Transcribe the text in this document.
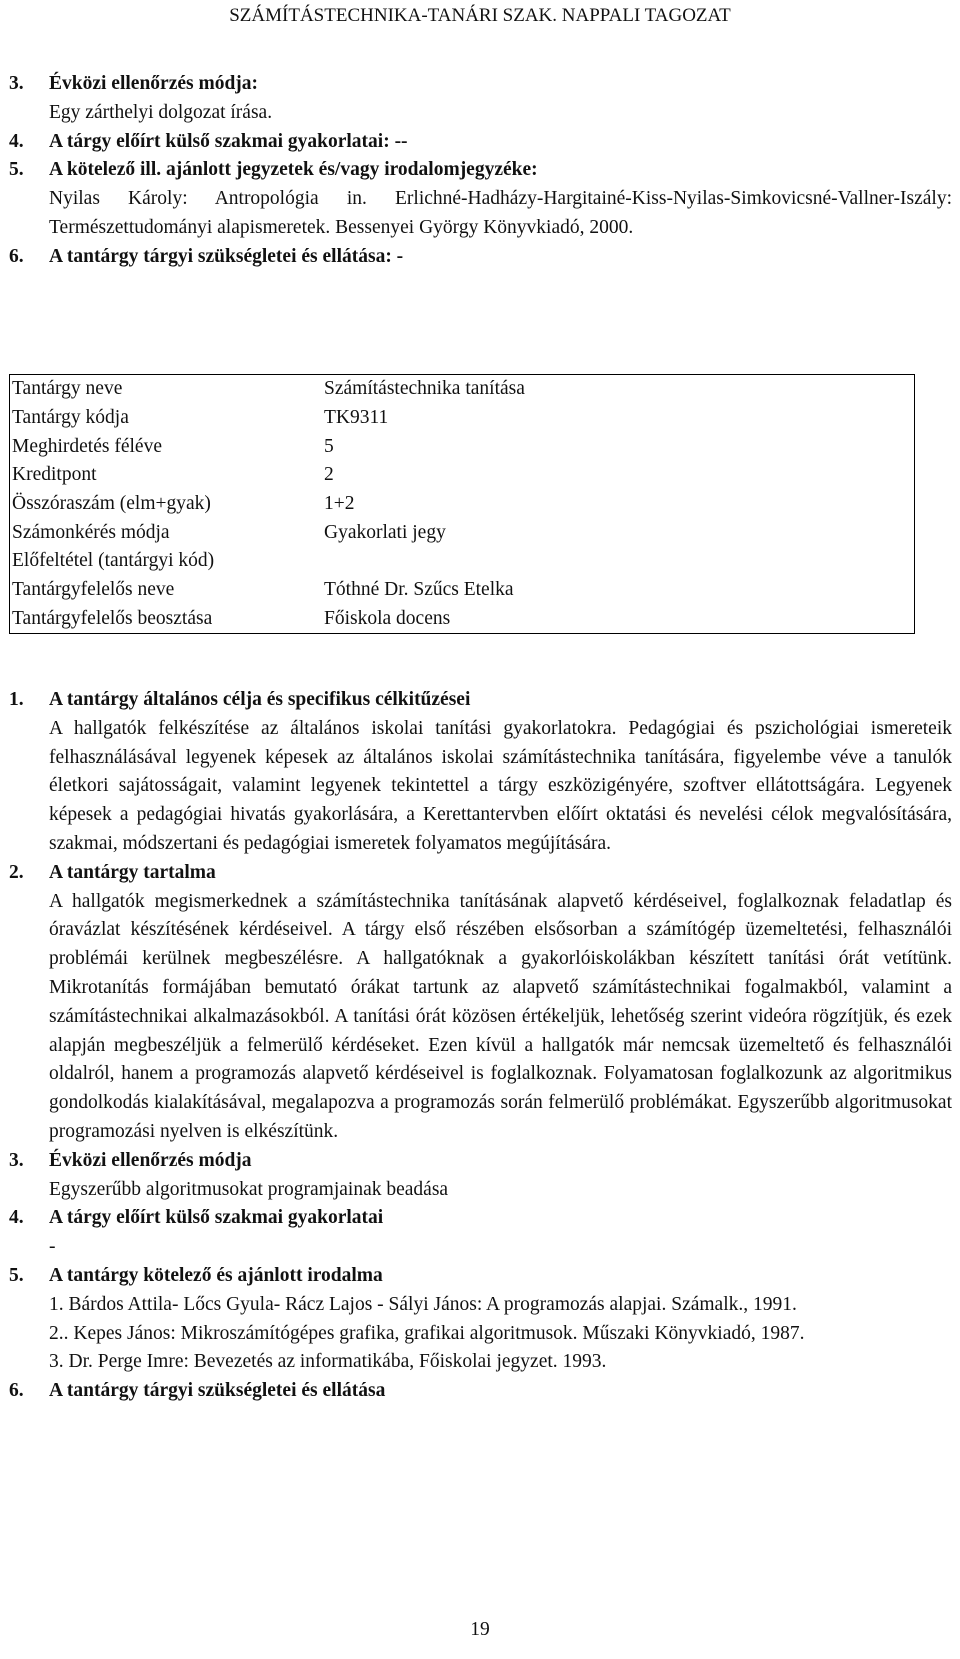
SZÁMÍTÁSTECHNIKA-TANÁRI SZAK. NAPPALI TAGOZAT
3. Évközi ellenőrzés módja:
Egy zárthelyi dolgozat írása.
4. A tárgy előírt külső szakmai gyakorlatai: --
5. A kötelező ill. ajánlott jegyzetek és/vagy irodalomjegyzéke:
Nyilas Károly: Antropológia in. Erlichné-Hadházy-Hargitainé-Kiss-Nyilas-Simkovicsné-Vallner-Iszály: Természettudományi alapismeretek. Bessenyei György Könyvkiadó, 2000.
6. A tantárgy tárgyi szükségletei és ellátása: -
Tantárgy neve	Számítástechnika tanítása
Tantárgy kódja	TK9311
Meghirdetés féléve	5
Kreditpont	2
Összóraszám (elm+gyak)	1+2
Számonkérés módja	Gyakorlati jegy
Előfeltétel (tantárgyi kód)	
Tantárgyfelelős neve	Tóthné Dr. Szűcs Etelka
Tantárgyfelelős beosztása	Főiskola docens
1. A tantárgy általános célja és specifikus célkitűzései
A hallgatók felkészítése az általános iskolai tanítási gyakorlatokra. Pedagógiai és pszichológiai ismereteik felhasználásával legyenek képesek az általános iskolai számítástechnika tanítására, figyelembe véve a tanulók életkori sajátosságait, valamint legyenek tekintettel a tárgy eszközigényére, szoftver ellátottságára. Legyenek képesek a pedagógiai hivatás gyakorlására, a Kerettantervben előírt oktatási és nevelési célok megvalósítására, szakmai, módszertani és pedagógiai ismeretek folyamatos megújítására.
2. A tantárgy tartalma
A hallgatók megismerkednek a számítástechnika tanításának alapvető kérdéseivel, foglalkoznak feladatlap és óravázlat készítésének kérdéseivel. A tárgy első részében elsősorban a számítógép üzemeltetési, felhasználói problémái kerülnek megbeszélésre. A hallgatóknak a gyakorlóiskolákban készített tanítási órát vetítünk. Mikrotanítás formájában bemutató órákat tartunk az alapvető számítástechnikai fogalmakból, valamint a számítástechnikai alkalmazásokból. A tanítási órát közösen értékeljük, lehetőség szerint videóra rögzítjük, és ezek alapján megbeszéljük a felmerülő kérdéseket. Ezen kívül a hallgatók már nemcsak üzemeltető és felhasználói oldalról, hanem a programozás alapvető kérdéseivel is foglalkoznak. Folyamatosan foglalkozunk az algoritmikus gondolkodás kialakításával, megalapozva a programozás során felmerülő problémákat. Egyszerűbb algoritmusokat programozási nyelven is elkészítünk.
3. Évközi ellenőrzés módja
Egyszerűbb algoritmusokat programjainak beadása
4. A tárgy előírt külső szakmai gyakorlatai
-
5. A tantárgy kötelező és ajánlott irodalma
1. Bárdos Attila- Lőcs Gyula- Rácz Lajos - Sályi János: A programozás alapjai. Számalk., 1991.
2.. Kepes János: Mikroszámítógépes grafika, grafikai algoritmusok. Műszaki Könyvkiadó, 1987.
3. Dr. Perge Imre: Bevezetés az informatikába, Főiskolai jegyzet. 1993.
6. A tantárgy tárgyi szükségletei és ellátása
19
